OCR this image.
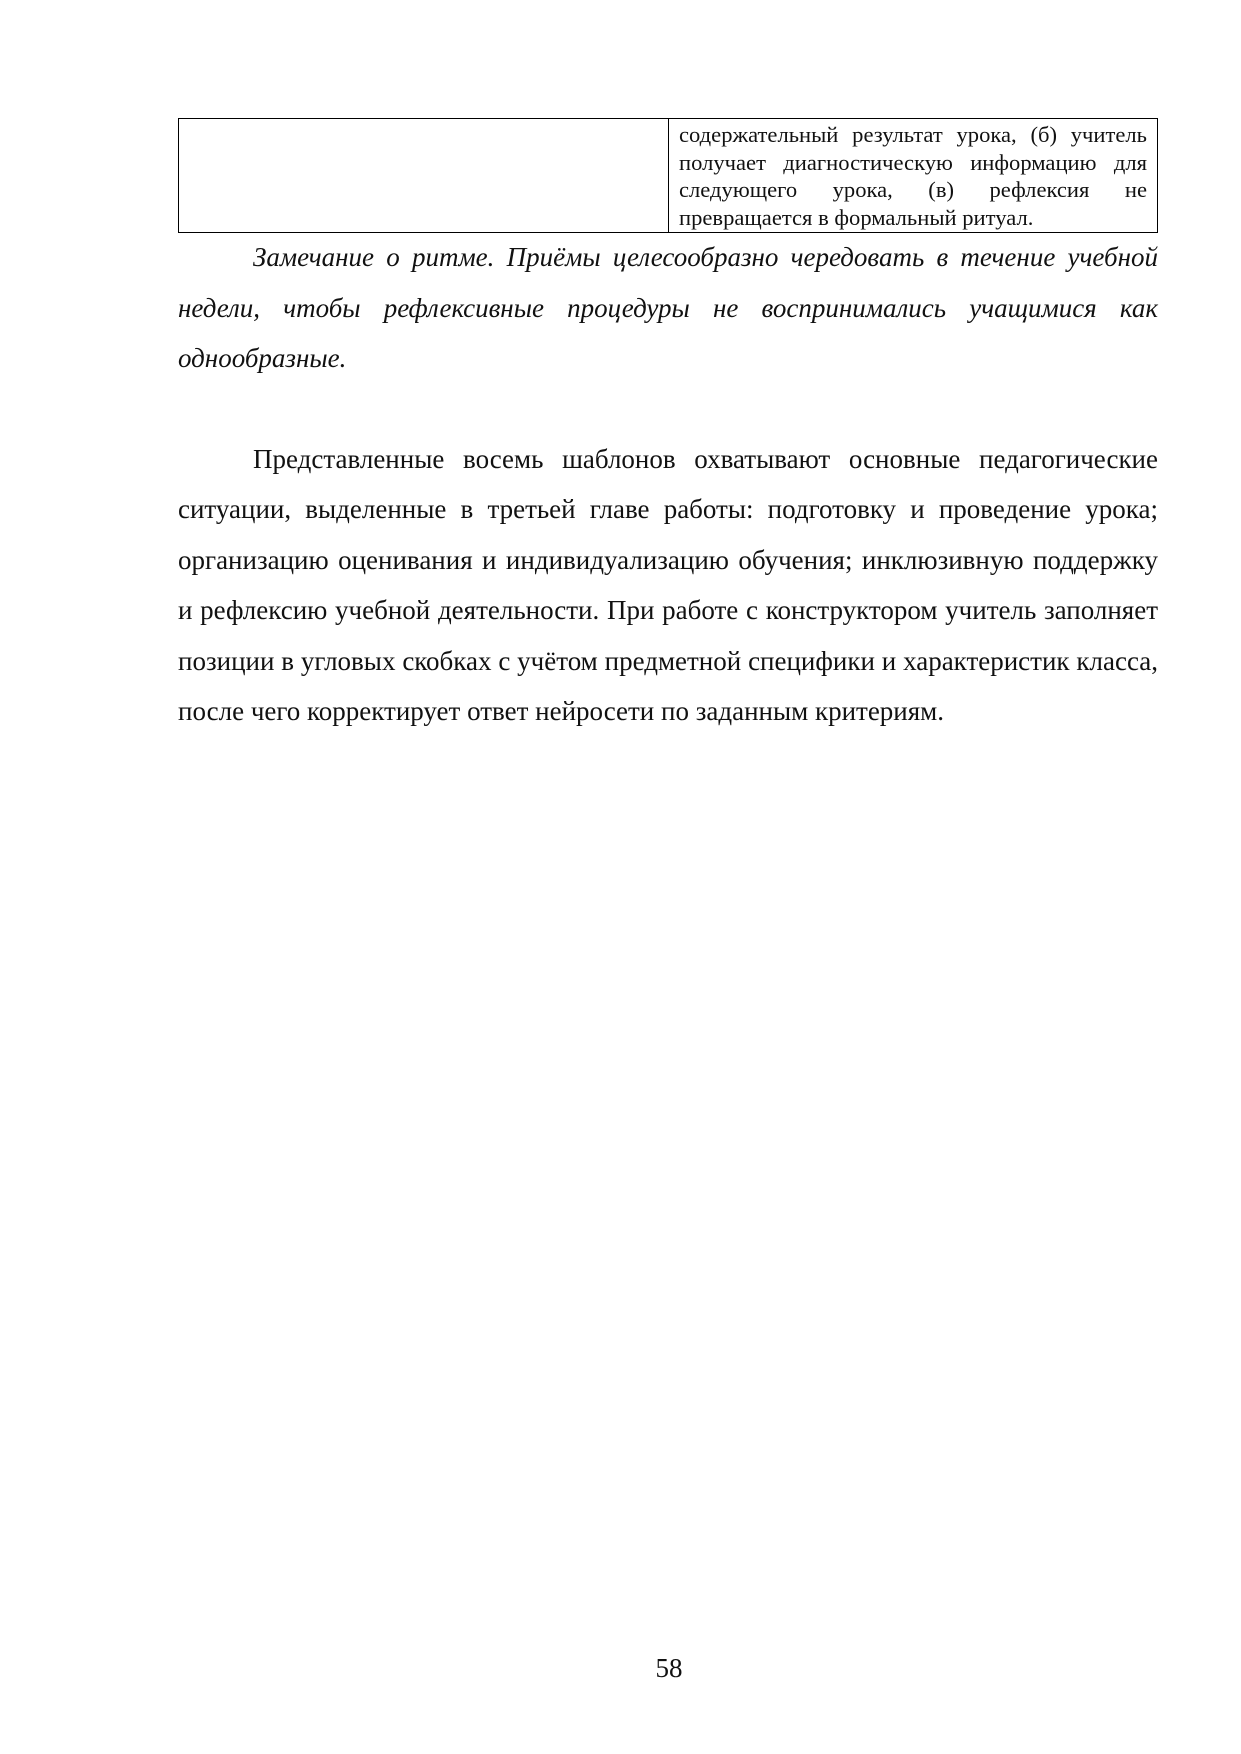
	содержательный результат урока, (б) учитель получает диагностическую информацию для следующего урока, (в) рефлексия не превращается в формальный ритуал.

Замечание о ритме. Приёмы целесообразно чередовать в течение учебной недели, чтобы рефлексивные процедуры не воспринимались учащимися как однообразные.

Представленные восемь шаблонов охватывают основные педагогические ситуации, выделенные в третьей главе работы: подготовку и проведение урока; организацию оценивания и индивидуализацию обучения; инклюзивную поддержку и рефлексию учебной деятельности. При работе с конструктором учитель заполняет позиции в угловых скобках с учётом предметной специфики и характеристик класса, после чего корректирует ответ нейросети по заданным критериям.

58
